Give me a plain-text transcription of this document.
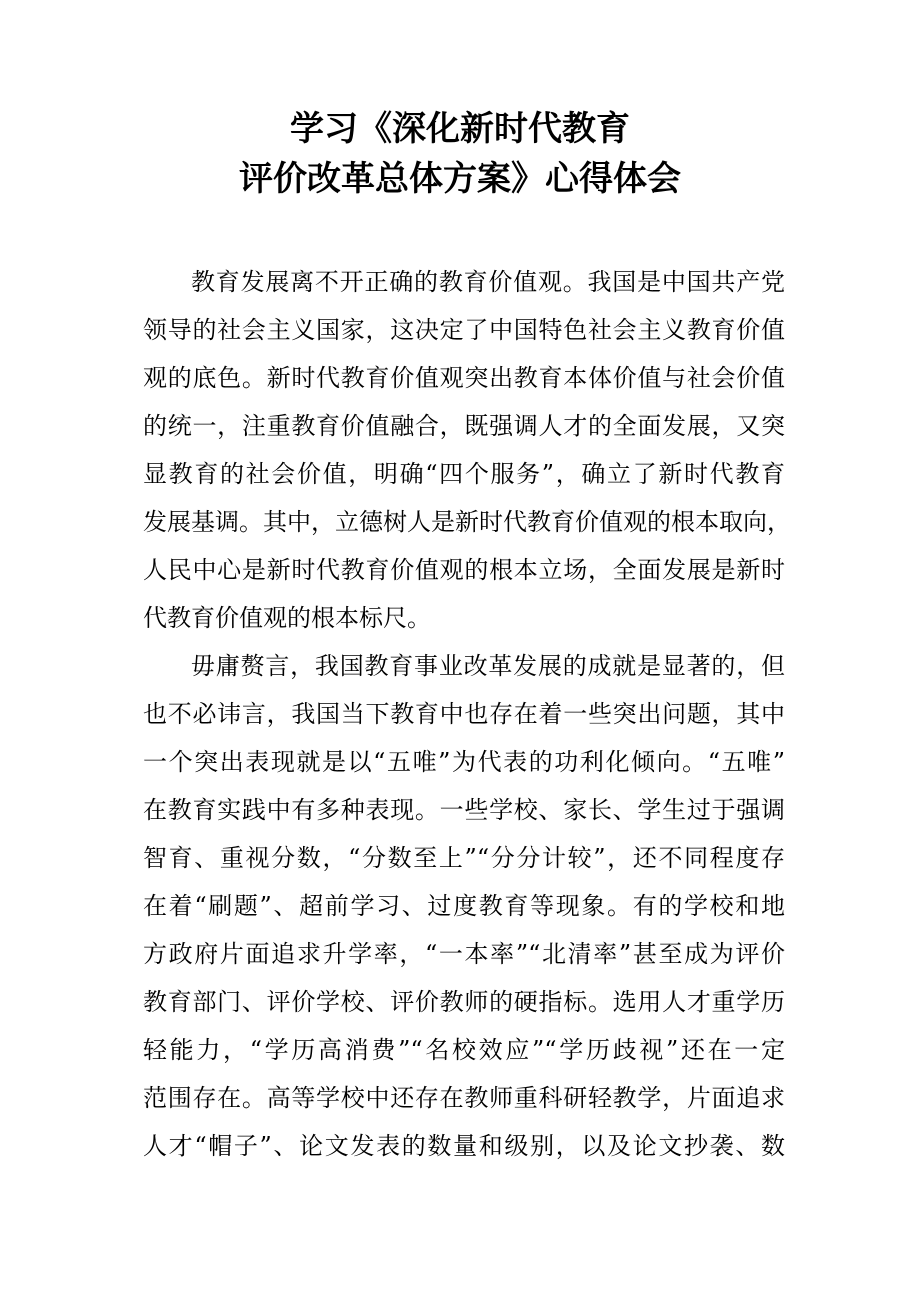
学习《深化新时代教育
评价改革总体方案》心得体会
教育发展离不开正确的教育价值观。我国是中国共产党
领导的社会主义国家，这决定了中国特色社会主义教育价值
观的底色。新时代教育价值观突出教育本体价值与社会价值
的统一，注重教育价值融合，既强调人才的全面发展，又突
显教育的社会价值，明确“四个服务”，确立了新时代教育
发展基调。其中，立德树人是新时代教育价值观的根本取向，
人民中心是新时代教育价值观的根本立场，全面发展是新时
代教育价值观的根本标尺。
毋庸赘言，我国教育事业改革发展的成就是显著的，但
也不必讳言，我国当下教育中也存在着一些突出问题，其中
一个突出表现就是以“五唯”为代表的功利化倾向。“五唯”
在教育实践中有多种表现。一些学校、家长、学生过于强调
智育、重视分数，“分数至上”“分分计较”，还不同程度存
在着“刷题”、超前学习、过度教育等现象。有的学校和地
方政府片面追求升学率，“一本率”“北清率”甚至成为评价
教育部门、评价学校、评价教师的硬指标。选用人才重学历
轻能力，“学历高消费”“名校效应”“学历歧视”还在一定
范围存在。高等学校中还存在教师重科研轻教学，片面追求
人才“帽子”、论文发表的数量和级别，以及论文抄袭、数
